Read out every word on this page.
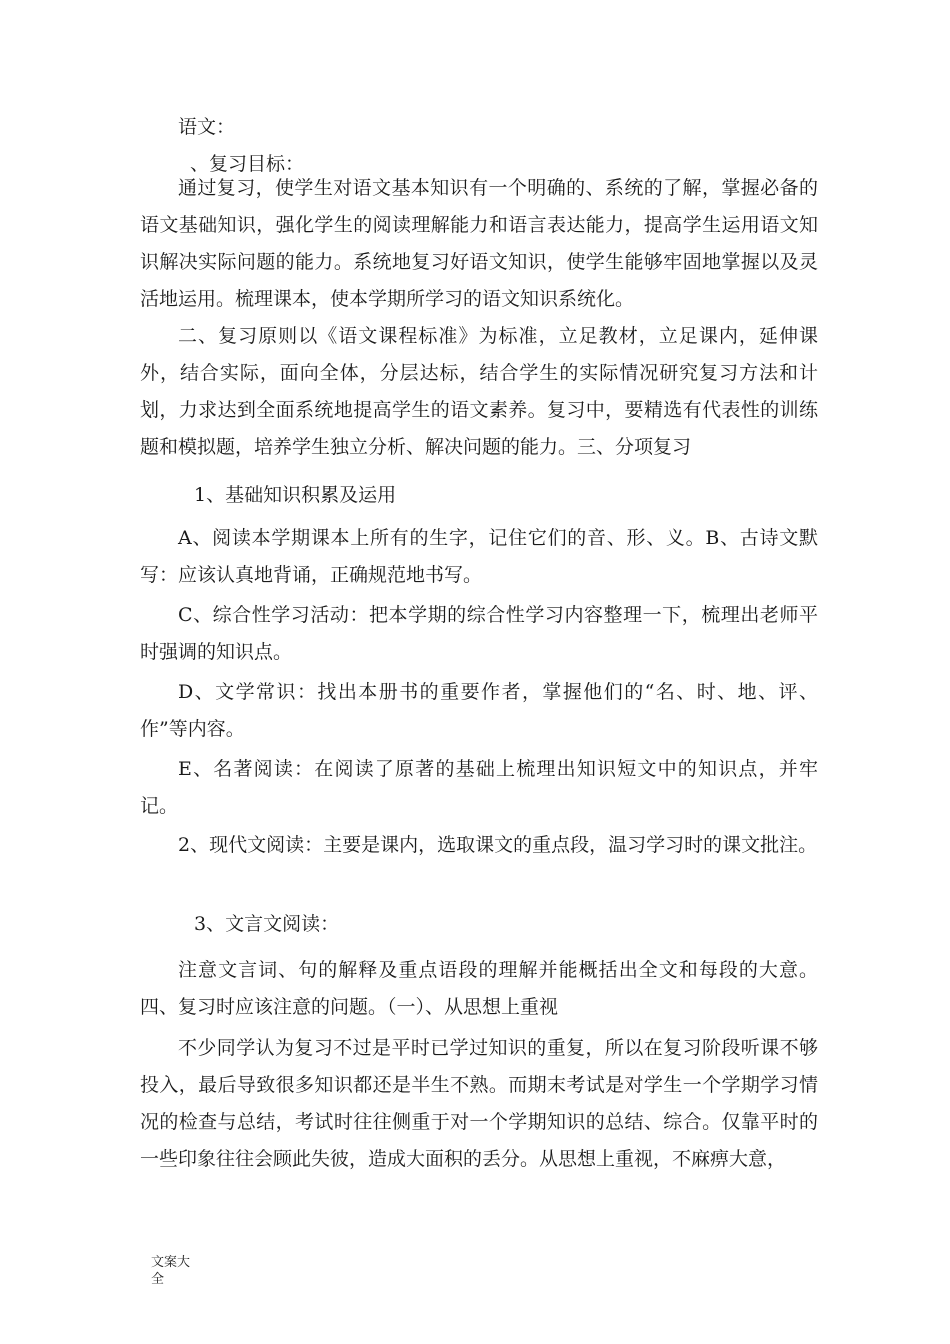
语文：
、复习目标：

通过复习，使学生对语文基本知识有一个明确的、系统的了解，掌握必备的语文基础知识，强化学生的阅读理解能力和语言表达能力，提高学生运用语文知识解决实际问题的能力。系统地复习好语文知识，使学生能够牢固地掌握以及灵活地运用。梳理课本，使本学期所学习的语文知识系统化。

二、复习原则以《语文课程标准》为标准，立足教材，立足课内，延伸课外，结合实际，面向全体，分层达标，结合学生的实际情况研究复习方法和计划，力求达到全面系统地提高学生的语文素养。复习中，要精选有代表性的训练题和模拟题，培养学生独立分析、解决问题的能力。三、分项复习

1、基础知识积累及运用

A、阅读本学期课本上所有的生字，记住它们的音、形、义。B、古诗文默写：应该认真地背诵，正确规范地书写。

C、综合性学习活动：把本学期的综合性学习内容整理一下，梳理出老师平时强调的知识点。

D、文学常识：找出本册书的重要作者，掌握他们的“名、时、地、评、作”等内容。

E、名著阅读：在阅读了原著的基础上梳理出知识短文中的知识点，并牢记。

2、现代文阅读：主要是课内，选取课文的重点段，温习学习时的课文批注。

3、文言文阅读：

注意文言词、句的解释及重点语段的理解并能概括出全文和每段的大意。四、复习时应该注意的问题。（一）、从思想上重视

不少同学认为复习不过是平时已学过知识的重复，所以在复习阶段听课不够投入，最后导致很多知识都还是半生不熟。而期末考试是对学生一个学期学习情况的检查与总结，考试时往往侧重于对一个学期知识的总结、综合。仅靠平时的一些印象往往会顾此失彼，造成大面积的丢分。从思想上重视，不麻痹大意，

文案大全
